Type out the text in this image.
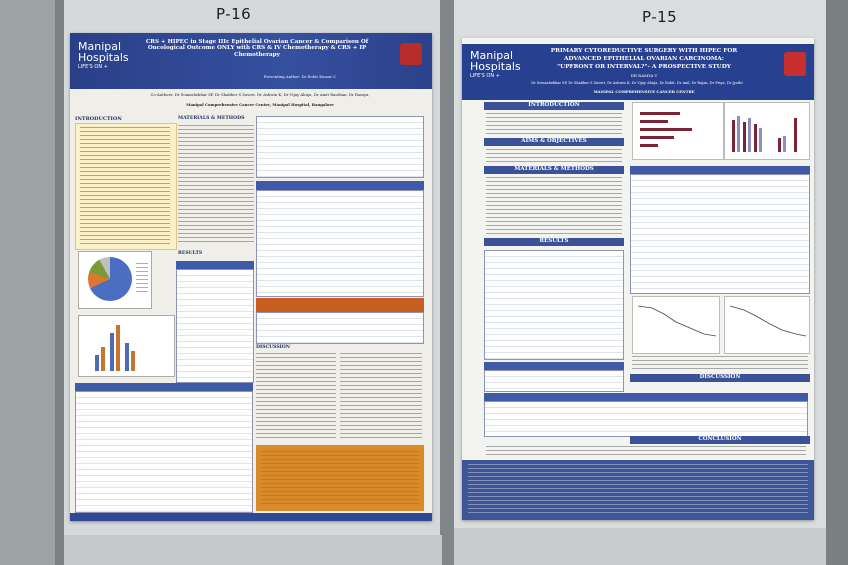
P-16	P-15
Manipal
Hospitals
LIFE'S ON +
CRS + HIPEC in Stage IIIc Epithelial Ovarian Cancer & Comparison Of Oncological Outcome ONLY with CRS & IV Chemotherapy & CRS + IP Chemotherapy
Presenting Author: Dr Rohit Kumar C
Co-Authors: Dr Somashekhar SP, Dr Shabber S Zaveri, Dr Ashwin K, Dr Vijay Ahuja, Dr Amit Rauthan, Dr Ramya,
Manipal Comprehensive Cancer Centre, Manipal Hospital, Bangalore
INTRODUCTION	MATERIALS & METHODS
RESULTS
DISCUSSION
Manipal
Hospitals
LIFE'S ON +
PRIMARY CYTOREDUCTIVE SURGERY WITH HIPEC FOR
ADVANCED EPITHELIAL OVARIAN CARCINOMA:
"UPFRONT OR INTERVAL?"- A PROSPECTIVE STUDY
DR RAMYA Y
Dr Somashekhar SP, Dr Shabber S Zaveri, Dr Ashwin K, Dr Vijay Ahuja, Dr Rohit, Dr Anil, Dr Rajan, Dr Priya, Dr Jyothi
MANIPAL COMPREHENSIVE CANCER CENTRE
INTRODUCTION
AIMS & OBJECTIVES
MATERIALS & METHODS
RESULTS
DISCUSSION
CONCLUSION
